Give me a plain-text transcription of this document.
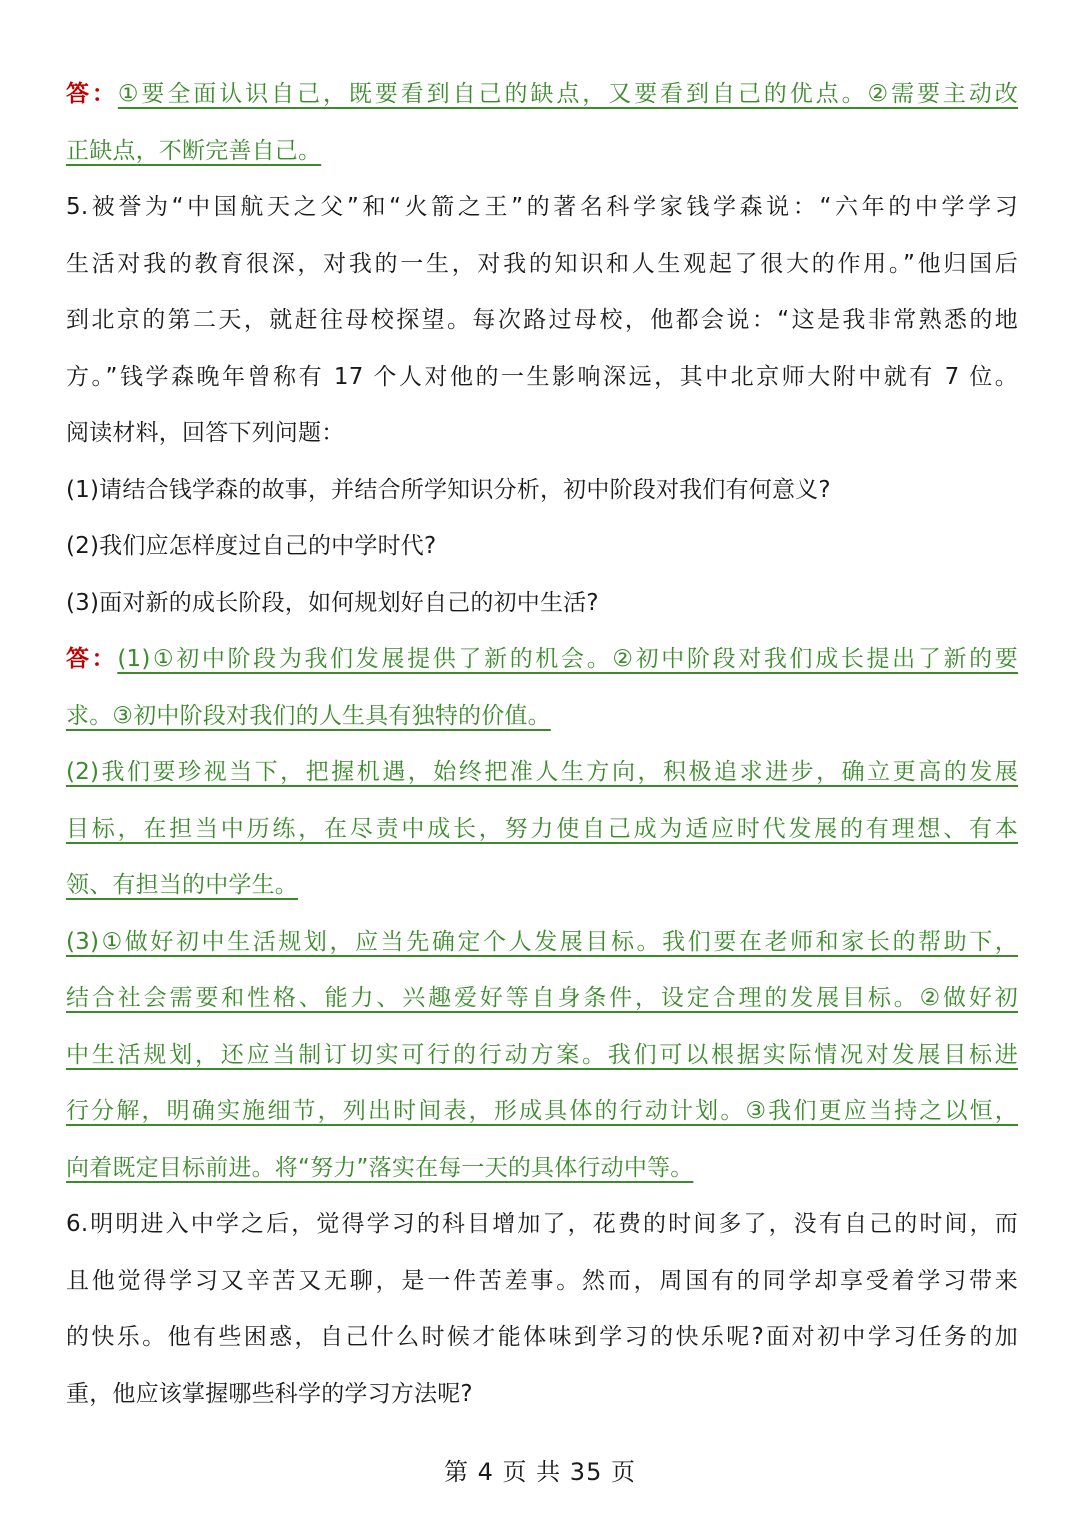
答：①要全面认识自己，既要看到自己的缺点，又要看到自己的优点。②需要主动改
正缺点，不断完善自己。
5.被誉为“中国航天之父”和“火箭之王”的著名科学家钱学森说：“六年的中学学习
生活对我的教育很深，对我的一生，对我的知识和人生观起了很大的作用。”他归国后
到北京的第二天，就赶往母校探望。每次路过母校，他都会说：“这是我非常熟悉的地
方。”钱学森晚年曾称有 17 个人对他的一生影响深远，其中北京师大附中就有 7 位。
阅读材料，回答下列问题：
(1)请结合钱学森的故事，并结合所学知识分析，初中阶段对我们有何意义?
(2)我们应怎样度过自己的中学时代?
(3)面对新的成长阶段，如何规划好自己的初中生活?
答：(1)①初中阶段为我们发展提供了新的机会。②初中阶段对我们成长提出了新的要
求。③初中阶段对我们的人生具有独特的价值。
(2)我们要珍视当下，把握机遇，始终把准人生方向，积极追求进步，确立更高的发展
目标，在担当中历练，在尽责中成长，努力使自己成为适应时代发展的有理想、有本
领、有担当的中学生。
(3)①做好初中生活规划，应当先确定个人发展目标。我们要在老师和家长的帮助下，
结合社会需要和性格、能力、兴趣爱好等自身条件，设定合理的发展目标。②做好初
中生活规划，还应当制订切实可行的行动方案。我们可以根据实际情况对发展目标进
行分解，明确实施细节，列出时间表，形成具体的行动计划。③我们更应当持之以恒，
向着既定目标前进。将“努力”落实在每一天的具体行动中等。
6.明明进入中学之后，觉得学习的科目增加了，花费的时间多了，没有自己的时间，而
且他觉得学习又辛苦又无聊，是一件苦差事。然而，周国有的同学却享受着学习带来
的快乐。他有些困惑，自己什么时候才能体味到学习的快乐呢?面对初中学习任务的加
重，他应该掌握哪些科学的学习方法呢?
第 4 页 共 35 页
